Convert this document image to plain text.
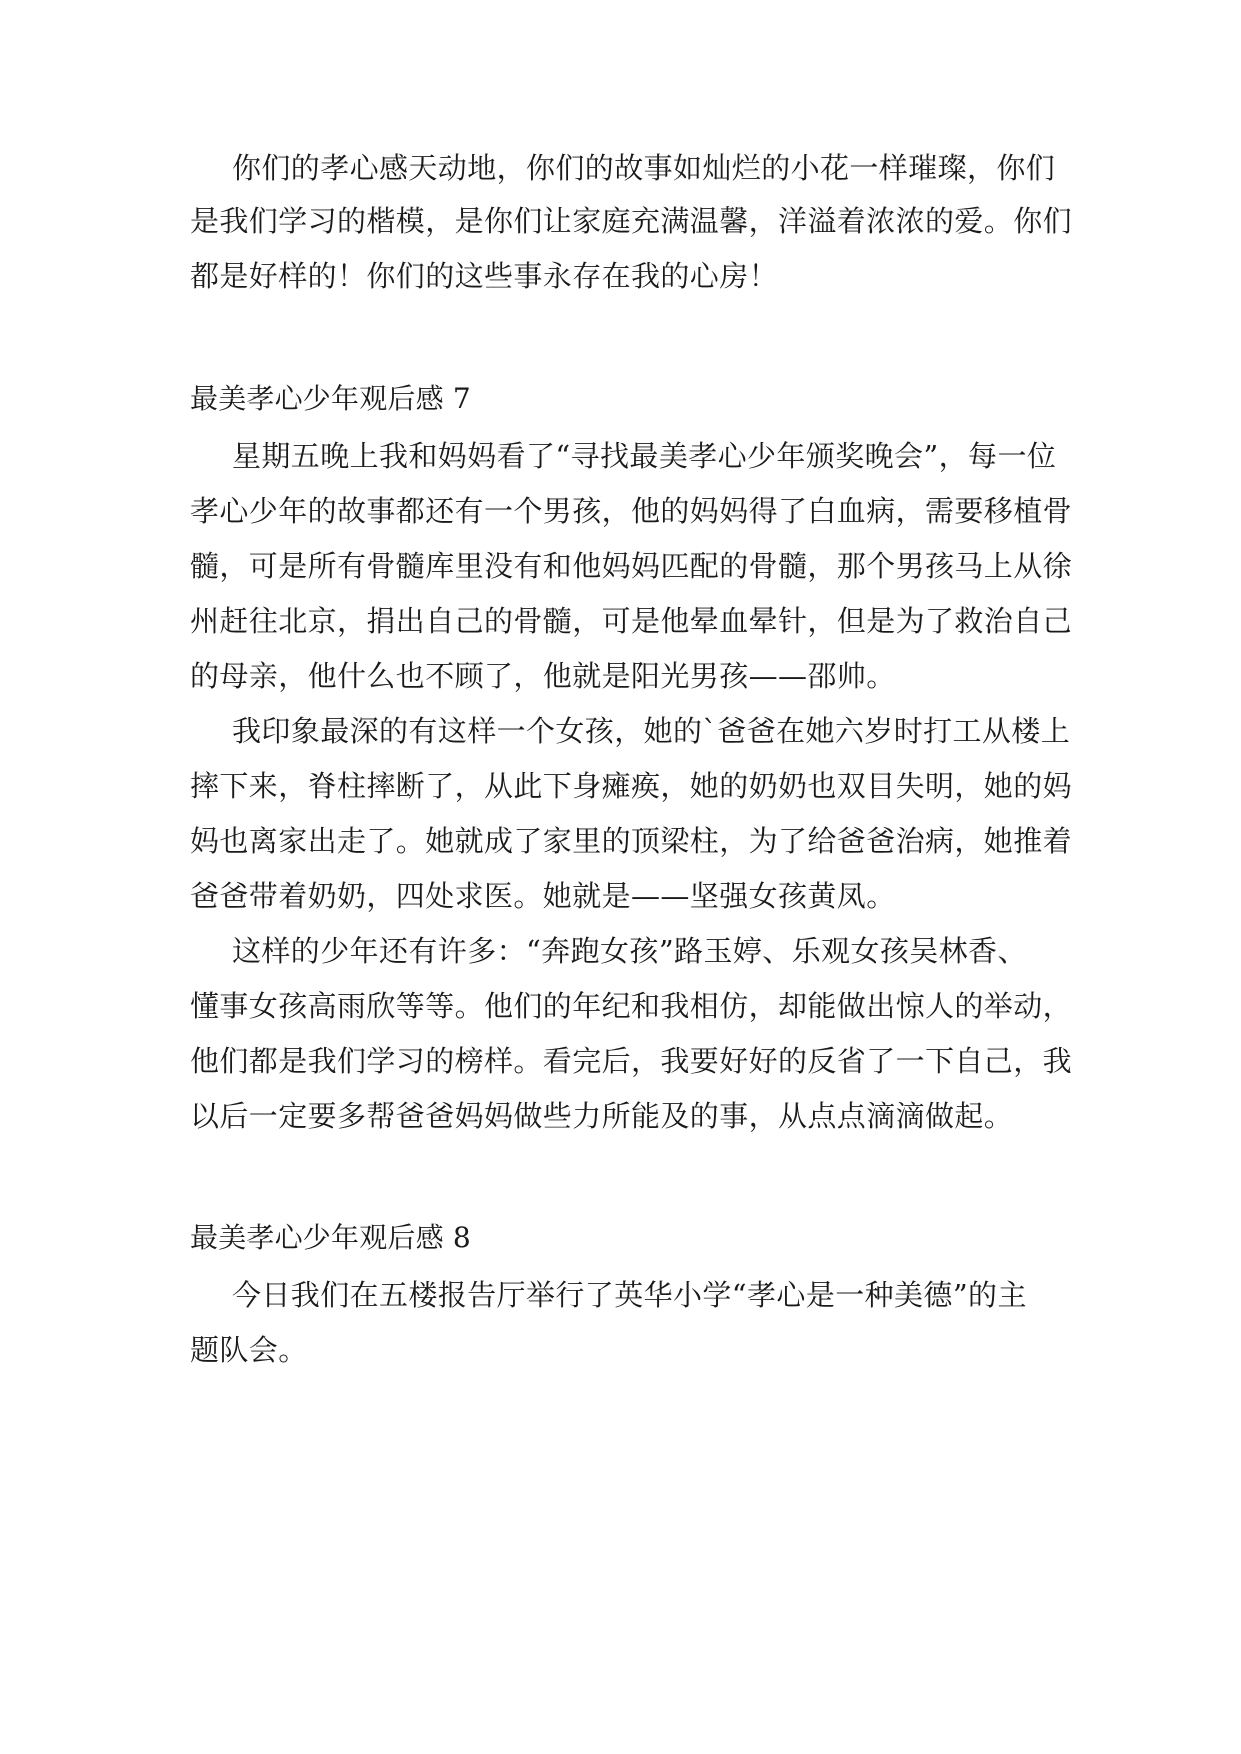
你们的孝心感天动地，你们的故事如灿烂的小花一样璀璨，你们
是我们学习的楷模，是你们让家庭充满温馨，洋溢着浓浓的爱。你们
都是好样的！你们的这些事永存在我的心房！
最美孝心少年观后感 7
星期五晚上我和妈妈看了“寻找最美孝心少年颁奖晚会”，每一位
孝心少年的故事都还有一个男孩，他的妈妈得了白血病，需要移植骨
髓，可是所有骨髓库里没有和他妈妈匹配的骨髓，那个男孩马上从徐
州赶往北京，捐出自己的骨髓，可是他晕血晕针，但是为了救治自己
的母亲，他什么也不顾了，他就是阳光男孩——邵帅。
我印象最深的有这样一个女孩，她的`爸爸在她六岁时打工从楼上
摔下来，脊柱摔断了，从此下身瘫痪，她的奶奶也双目失明，她的妈
妈也离家出走了。她就成了家里的顶梁柱，为了给爸爸治病，她推着
爸爸带着奶奶，四处求医。她就是——坚强女孩黄凤。
这样的少年还有许多：“奔跑女孩”路玉婷、乐观女孩吴林香、
懂事女孩高雨欣等等。他们的年纪和我相仿，却能做出惊人的举动，
他们都是我们学习的榜样。看完后，我要好好的反省了一下自己，我
以后一定要多帮爸爸妈妈做些力所能及的事，从点点滴滴做起。
最美孝心少年观后感 8
今日我们在五楼报告厅举行了英华小学“孝心是一种美德”的主
题队会。
